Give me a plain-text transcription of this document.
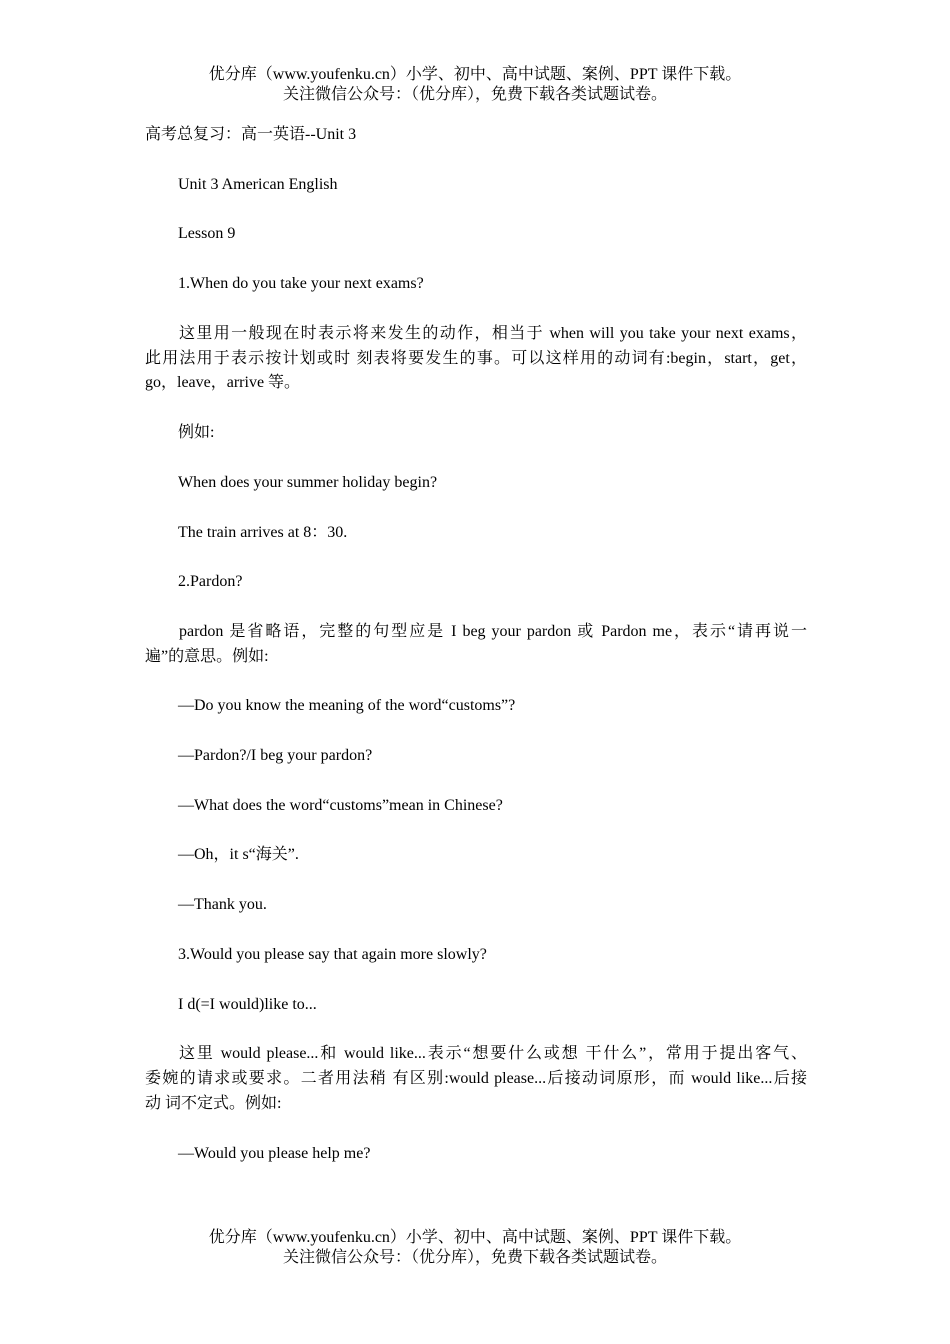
优分库（www.youfenku.cn）小学、初中、高中试题、案例、PPT 课件下载。
关注微信公众号：（优分库），免费下载各类试题试卷。

高考总复习：高一英语--Unit 3

Unit 3 American English

Lesson 9

1.When do you take your next exams?

这里用一般现在时表示将来发生的动作，相当于 when will you take your next exams，
此用法用于表示按计划或时 刻表将要发生的事。可以这样用的动词有:begin，start，get，
go，leave，arrive 等。

例如:

When does your summer holiday begin?

The train arrives at 8：30.

2.Pardon?

pardon 是省略语，完整的句型应是 I beg your pardon 或 Pardon me，表示“请再说一
遍”的意思。例如:

—Do you know the meaning of the word“customs”?

—Pardon?/I beg your pardon?

—What does the word“customs”mean in Chinese?

—Oh，it s“海关”.

—Thank you.

3.Would you please say that again more slowly?

I d(=I would)like to...

这里 would please...和 would like...表示“想要什么或想 干什么”，常用于提出客气、
委婉的请求或要求。二者用法稍 有区别:would please...后接动词原形，而 would like...后接
动 词不定式。例如:

—Would you please help me?

优分库（www.youfenku.cn）小学、初中、高中试题、案例、PPT 课件下载。
关注微信公众号：（优分库），免费下载各类试题试卷。
